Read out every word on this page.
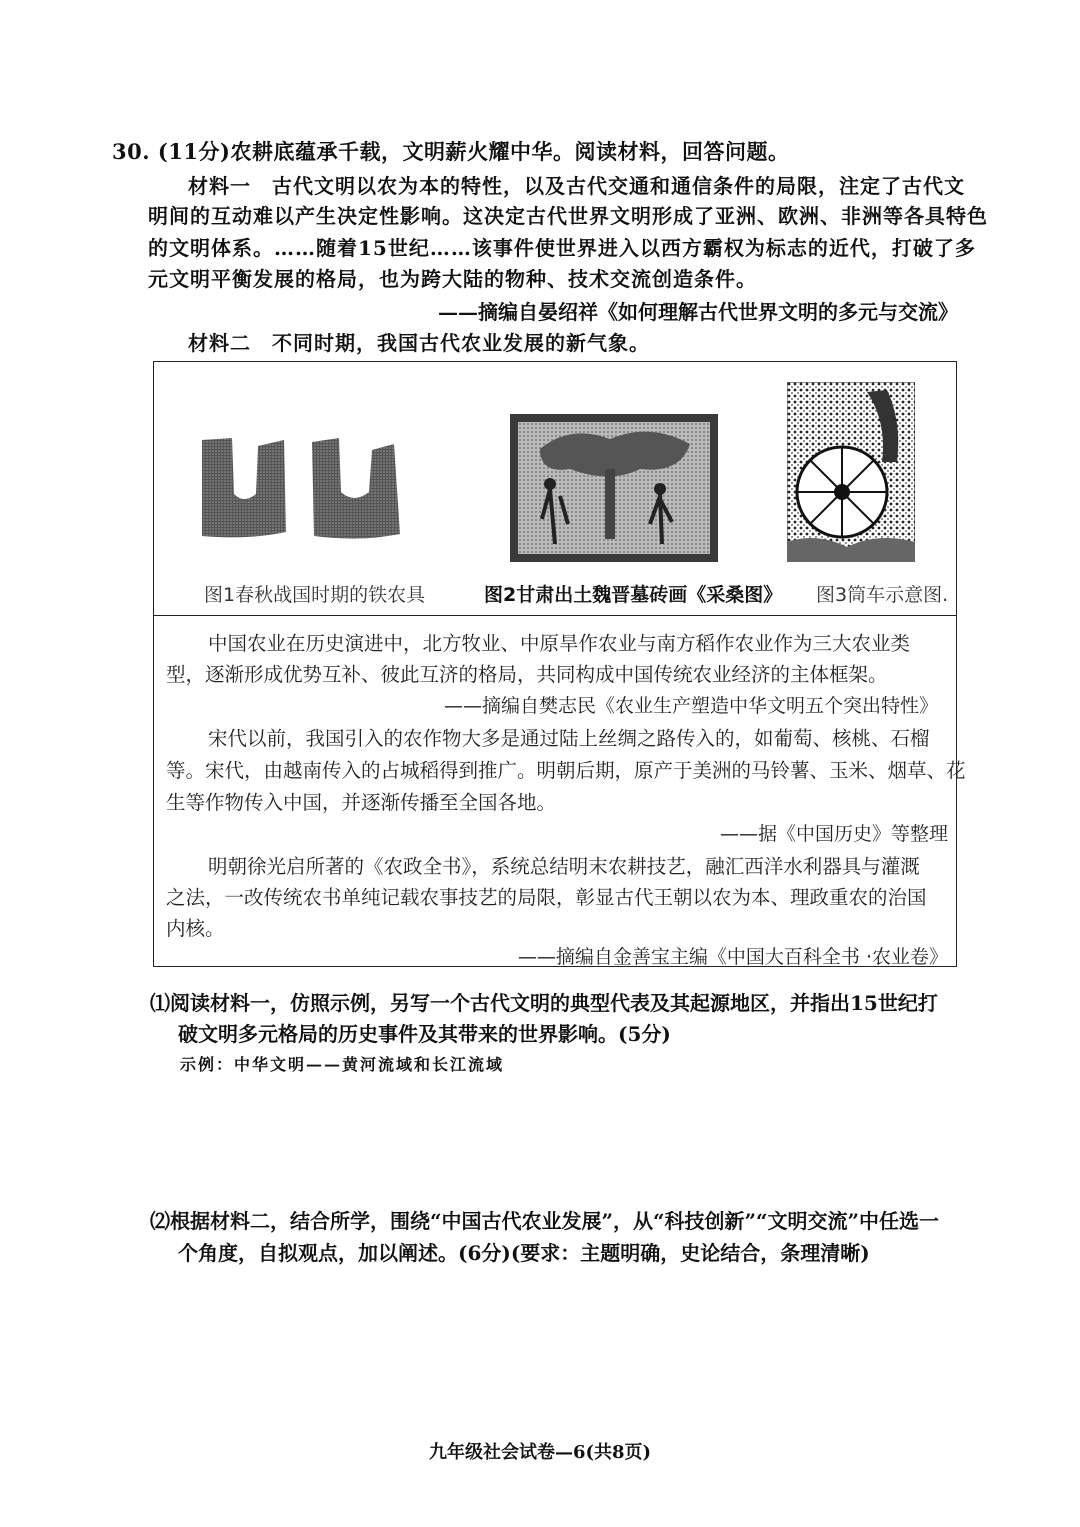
30. (11分)农耕底蕴承千载，文明薪火耀中华。阅读材料，回答问题。
材料一　古代文明以农为本的特性，以及古代交通和通信条件的局限，注定了古代文
明间的互动难以产生决定性影响。这决定古代世界文明形成了亚洲、欧洲、非洲等各具特色
的文明体系。……随着15世纪……该事件使世界进入以西方霸权为标志的近代，打破了多
元文明平衡发展的格局，也为跨大陆的物种、技术交流创造条件。
——摘编自晏绍祥《如何理解古代世界文明的多元与交流》
材料二　不同时期，我国古代农业发展的新气象。
图1春秋战国时期的铁农具	图2甘肃出土魏晋墓砖画《采桑图》 图3筒车示意图.
中国农业在历史演进中，北方牧业、中原旱作农业与南方稻作农业作为三大农业类
型，逐渐形成优势互补、彼此互济的格局，共同构成中国传统农业经济的主体框架。
——摘编自樊志民《农业生产塑造中华文明五个突出特性》
宋代以前，我国引入的农作物大多是通过陆上丝绸之路传入的，如葡萄、核桃、石榴
等。宋代，由越南传入的占城稻得到推广。明朝后期，原产于美洲的马铃薯、玉米、烟草、花
生等作物传入中国，并逐渐传播至全国各地。
——据《中国历史》等整理
明朝徐光启所著的《农政全书》，系统总结明末农耕技艺，融汇西洋水利器具与灌溉
之法，一改传统农书单纯记载农事技艺的局限，彰显古代王朝以农为本、理政重农的治国
内核。
——摘编自金善宝主编《中国大百科全书 ·农业卷》
⑴阅读材料一，仿照示例，另写一个古代文明的典型代表及其起源地区，并指出15世纪打
破文明多元格局的历史事件及其带来的世界影响。(5分)
示例：中华文明——黄河流域和长江流域
⑵根据材料二，结合所学，围绕“中国古代农业发展”，从“科技创新”“文明交流”中任选一
个角度，自拟观点，加以阐述。(6分)(要求：主题明确，史论结合，条理清晰)
九年级社会试卷—6(共8页)
